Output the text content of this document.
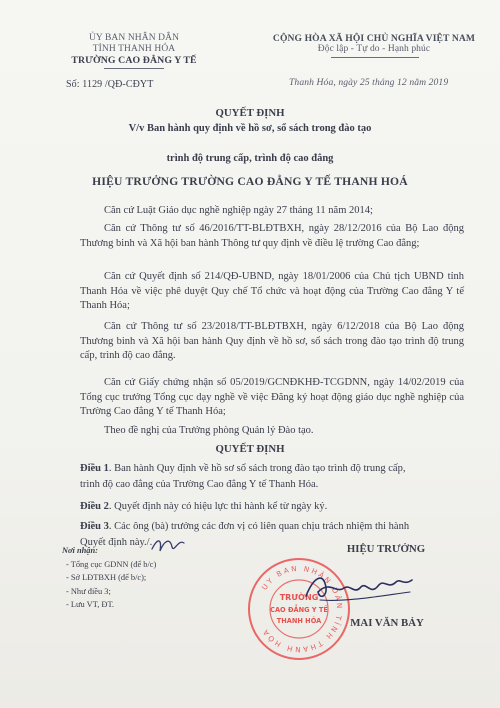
ỦY BAN NHÂN DÂN
TỈNH THANH HÓA
TRƯỜNG CAO ĐẲNG Y TẾ
Số: 1129 /QĐ-CĐYT
CỘNG HÒA XÃ HỘI CHỦ NGHĨA VIỆT NAM
Độc lập - Tự do - Hạnh phúc
Thanh Hóa, ngày 25 tháng 12 năm 2019
QUYẾT ĐỊNH
V/v Ban hành quy định về hồ sơ, sổ sách trong đào tạo
trình độ trung cấp, trình độ cao đẳng
HIỆU TRƯỞNG TRƯỜNG CAO ĐẲNG Y TẾ THANH HOÁ
Căn cứ Luật Giáo dục nghề nghiệp ngày 27 tháng 11 năm 2014;
Căn cứ Thông tư số 46/2016/TT-BLĐTBXH, ngày 28/12/2016 của Bộ Lao động Thương binh và Xã hội ban hành Thông tư quy định về điều lệ trường Cao đẳng;
Căn cứ Quyết định số 214/QĐ-UBND, ngày 18/01/2006 của Chủ tịch UBND tỉnh Thanh Hóa về việc phê duyệt Quy chế Tổ chức và hoạt động của Trường Cao đẳng Y tế Thanh Hóa;
Căn cứ Thông tư số 23/2018/TT-BLĐTBXH, ngày 6/12/2018 của Bộ Lao động Thương binh và Xã hội ban hành Quy định về hồ sơ, sổ sách trong đào tạo trình độ trung cấp, trình độ cao đẳng.
Căn cứ Giấy chứng nhận số 05/2019/GCNĐKHĐ-TCGDNN, ngày 14/02/2019 của Tổng cục trưởng Tổng cục dạy nghề về việc Đăng ký hoạt động giáo dục nghề nghiệp của Trường Cao đẳng Y tế Thanh Hóa;
Theo đề nghị của Trưởng phòng Quản lý Đào tạo.
QUYẾT ĐỊNH
Điều 1. Ban hành Quy định về hồ sơ sổ sách trong đào tạo trình độ trung cấp,
trình độ cao đẳng của Trường Cao đẳng Y tế Thanh Hóa.
Điều 2. Quyết định này có hiệu lực thi hành kể từ ngày ký.
Điều 3. Các ông (bà) trưởng các đơn vị có liên quan chịu trách nhiệm thi hành
Quyết định này./.
Nơi nhận:
- Tổng cục GDNN (để b/c)
- Sở LĐTBXH (để b/c);
- Như điều 3;
- Lưu VT, ĐT.
HIỆU TRƯỞNG
UY BAN NHÂN DÂN TỈNH THANH HÓA
TRƯỜNG
CAO ĐẲNG Y TẾ
THANH HÓA	MAI VĂN BẢY
